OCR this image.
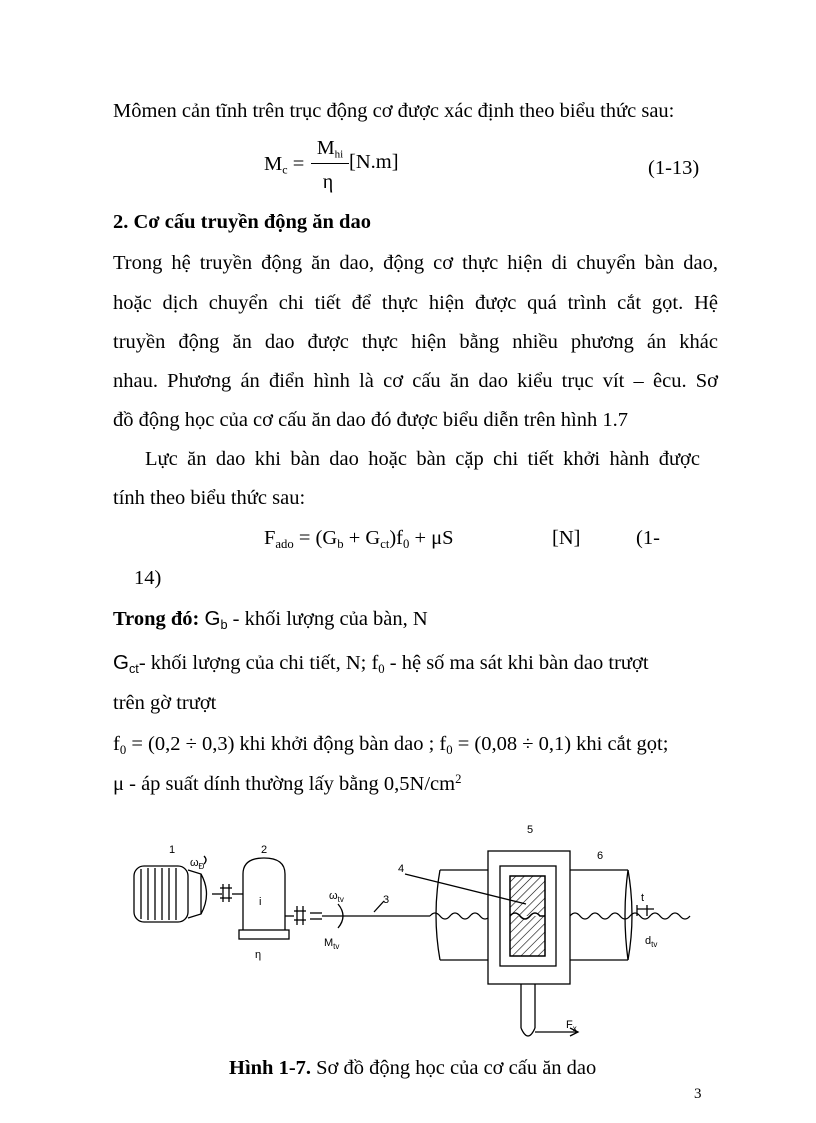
Mômen cản tĩnh trên trục động cơ được xác định theo biểu thức sau:
$M_c$ =
$M_{hi}$
η
[N.m]	(1-13)
2. Cơ cấu truyền động ăn dao
Trong hệ truyền động ăn dao, động cơ thực hiện di chuyển bàn dao,
hoặc dịch chuyển chi tiết để thực hiện được quá trình cắt gọt. Hệ
truyền động ăn dao được thực hiện bằng nhiều phương án khác
nhau. Phương án điển hình là cơ cấu ăn dao kiểu trục vít – êcu. Sơ
đồ động học của cơ cấu ăn dao đó được biểu diễn trên hình 1.7
Lực ăn dao khi bàn dao hoặc bàn cặp chi tiết khởi hành được
tính theo biểu thức sau:
$F_{ado} = (G_b + G_{ct})f_0 + \mu S$	[N]	(1-
14)
Trong đó: $G_b$ - khối lượng của bàn, N
$G_{ct}-$ khối lượng của chi tiết, N; $f_0$ - hệ số ma sát khi bàn dao trượt
trên gờ trượt
$f_0 = (0,2 \div 0,3)$ khi khởi động bàn dao ; $f_0 = (0,08 \div 0,1)$ khi cắt gọt;
μ - áp suất dính thường lấy bằng $0,5N/cm^2$
1	2
3
4
5
6
$\omega_Đ$
i
η
$\omega_{tv}$
$M_{tv}$
t
$d_{tv}$
$F_x$
Hình 1-7. Sơ đồ động học của cơ cấu ăn dao
3
